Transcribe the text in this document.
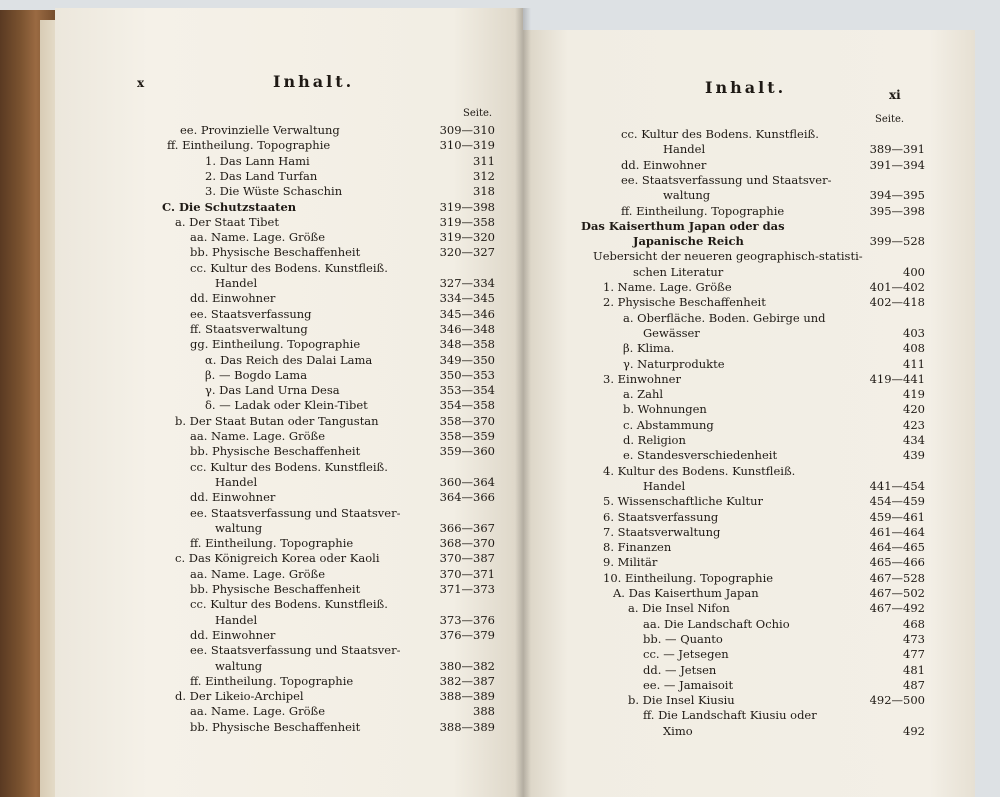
x	Inhalt.
Seite.
ee. Provinzielle Verwaltung	309—310
ff. Eintheilung. Topographie	310—319
1. Das Lann Hami	311
2. Das Land Turfan	312
3. Die Wüste Schaschin	318
C. Die Schutzstaaten	319—398
a. Der Staat Tibet	319—358
aa. Name. Lage. Größe	319—320
bb. Physische Beschaffenheit	320—327
cc. Kultur des Bodens. Kunstfleiß.
Handel	327—334
dd. Einwohner	334—345
ee. Staatsverfassung	345—346
ff. Staatsverwaltung	346—348
gg. Eintheilung. Topographie	348—358
α. Das Reich des Dalai Lama	349—350
β. — Bogdo Lama	350—353
γ. Das Land Urna Desa	353—354
δ. — Ladak oder Klein-Tibet	354—358
b. Der Staat Butan oder Tangustan	358—370
aa. Name. Lage. Größe	358—359
bb. Physische Beschaffenheit	359—360
cc. Kultur des Bodens. Kunstfleiß.
Handel	360—364
dd. Einwohner	364—366
ee. Staatsverfassung und Staatsver-
waltung	366—367
ff. Eintheilung. Topographie	368—370
c. Das Königreich Korea oder Kaoli	370—387
aa. Name. Lage. Größe	370—371
bb. Physische Beschaffenheit	371—373
cc. Kultur des Bodens. Kunstfleiß.
Handel	373—376
dd. Einwohner	376—379
ee. Staatsverfassung und Staatsver-
waltung	380—382
ff. Eintheilung. Topographie	382—387
d. Der Likeio-Archipel	388—389
aa. Name. Lage. Größe	388
bb. Physische Beschaffenheit	388—389
Inhalt.	xi
Seite.
cc. Kultur des Bodens. Kunstfleiß.
Handel	389—391
dd. Einwohner	391—394
ee. Staatsverfassung und Staatsver-
waltung	394—395
ff. Eintheilung. Topographie	395—398
Das Kaiserthum Japan oder das
Japanische Reich	399—528
Uebersicht der neueren geographisch-statisti-
schen Literatur	400
1. Name. Lage. Größe	401—402
2. Physische Beschaffenheit	402—418
a. Oberfläche. Boden. Gebirge und
Gewässer	403
β. Klima.	408
γ. Naturprodukte	411
3. Einwohner	419—441
a. Zahl	419
b. Wohnungen	420
c. Abstammung	423
d. Religion	434
e. Standesverschiedenheit	439
4. Kultur des Bodens. Kunstfleiß.
Handel	441—454
5. Wissenschaftliche Kultur	454—459
6. Staatsverfassung	459—461
7. Staatsverwaltung	461—464
8. Finanzen	464—465
9. Militär	465—466
10. Eintheilung. Topographie	467—528
A. Das Kaiserthum Japan	467—502
a. Die Insel Nifon	467—492
aa. Die Landschaft Ochio	468
bb. — Quanto	473
cc. — Jetsegen	477
dd. — Jetsen	481
ee. — Jamaisoit	487
b. Die Insel Kiusiu	492—500
ff. Die Landschaft Kiusiu oder
Ximo	492
